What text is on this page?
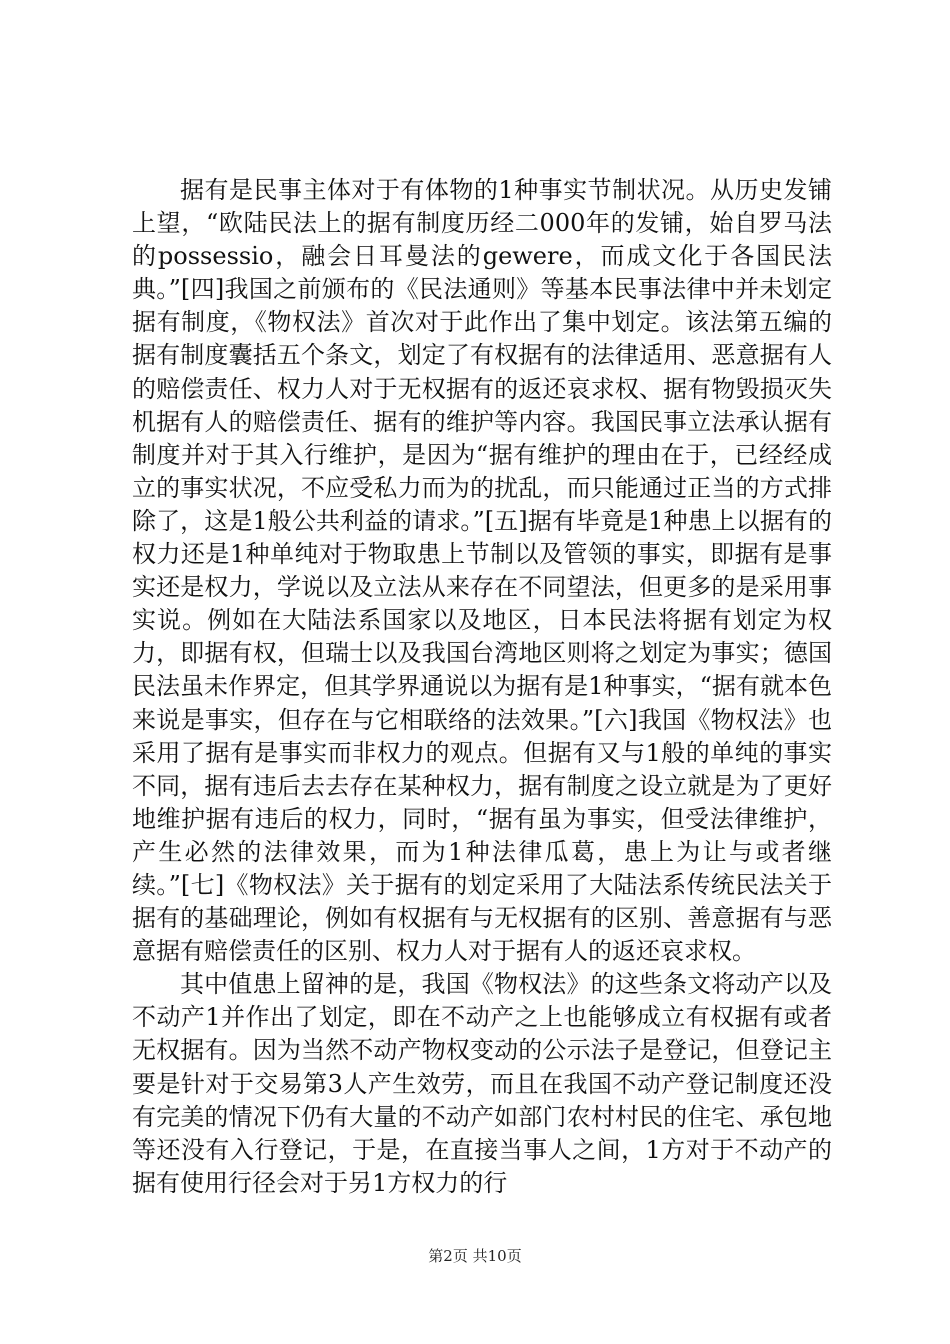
据有是民事主体对于有体物的1种事实节制状况。从历史发铺上望，“欧陆民法上的据有制度历经二000年的发铺，始自罗马法的possessio，融会日耳曼法的gewere，而成文化于各国民法典。”[四]我国之前颁布的《民法通则》等基本民事法律中并未划定据有制度，《物权法》首次对于此作出了集中划定。该法第五编的据有制度囊括五个条文，划定了有权据有的法律适用、恶意据有人的赔偿责任、权力人对于无权据有的返还哀求权、据有物毁损灭失机据有人的赔偿责任、据有的维护等内容。我国民事立法承认据有制度并对于其入行维护，是因为“据有维护的理由在于，已经经成立的事实状况，不应受私力而为的扰乱，而只能通过正当的方式排除了，这是1般公共利益的请求。”[五]据有毕竟是1种患上以据有的权力还是1种单纯对于物取患上节制以及管领的事实，即据有是事实还是权力，学说以及立法从来存在不同望法，但更多的是采用事实说。例如在大陆法系国家以及地区，日本民法将据有划定为权力，即据有权，但瑞士以及我国台湾地区则将之划定为事实；德国民法虽未作界定，但其学界通说以为据有是1种事实，“据有就本色来说是事实，但存在与它相联络的法效果。”[六]我国《物权法》也采用了据有是事实而非权力的观点。但据有又与1般的单纯的事实不同，据有违后去去存在某种权力，据有制度之设立就是为了更好地维护据有违后的权力，同时，“据有虽为事实，但受法律维护，产生必然的法律效果，而为1种法律瓜葛，患上为让与或者继续。”[七]《物权法》关于据有的划定采用了大陆法系传统民法关于据有的基础理论，例如有权据有与无权据有的区别、善意据有与恶意据有赔偿责任的区别、权力人对于据有人的返还哀求权。

其中值患上留神的是，我国《物权法》的这些条文将动产以及不动产1并作出了划定，即在不动产之上也能够成立有权据有或者无权据有。因为当然不动产物权变动的公示法子是登记，但登记主要是针对于交易第3人产生效劳，而且在我国不动产登记制度还没有完美的情况下仍有大量的不动产如部门农村村民的住宅、承包地等还没有入行登记，于是，在直接当事人之间，1方对于不动产的据有使用行径会对于另1方权力的行

第2页 共10页
